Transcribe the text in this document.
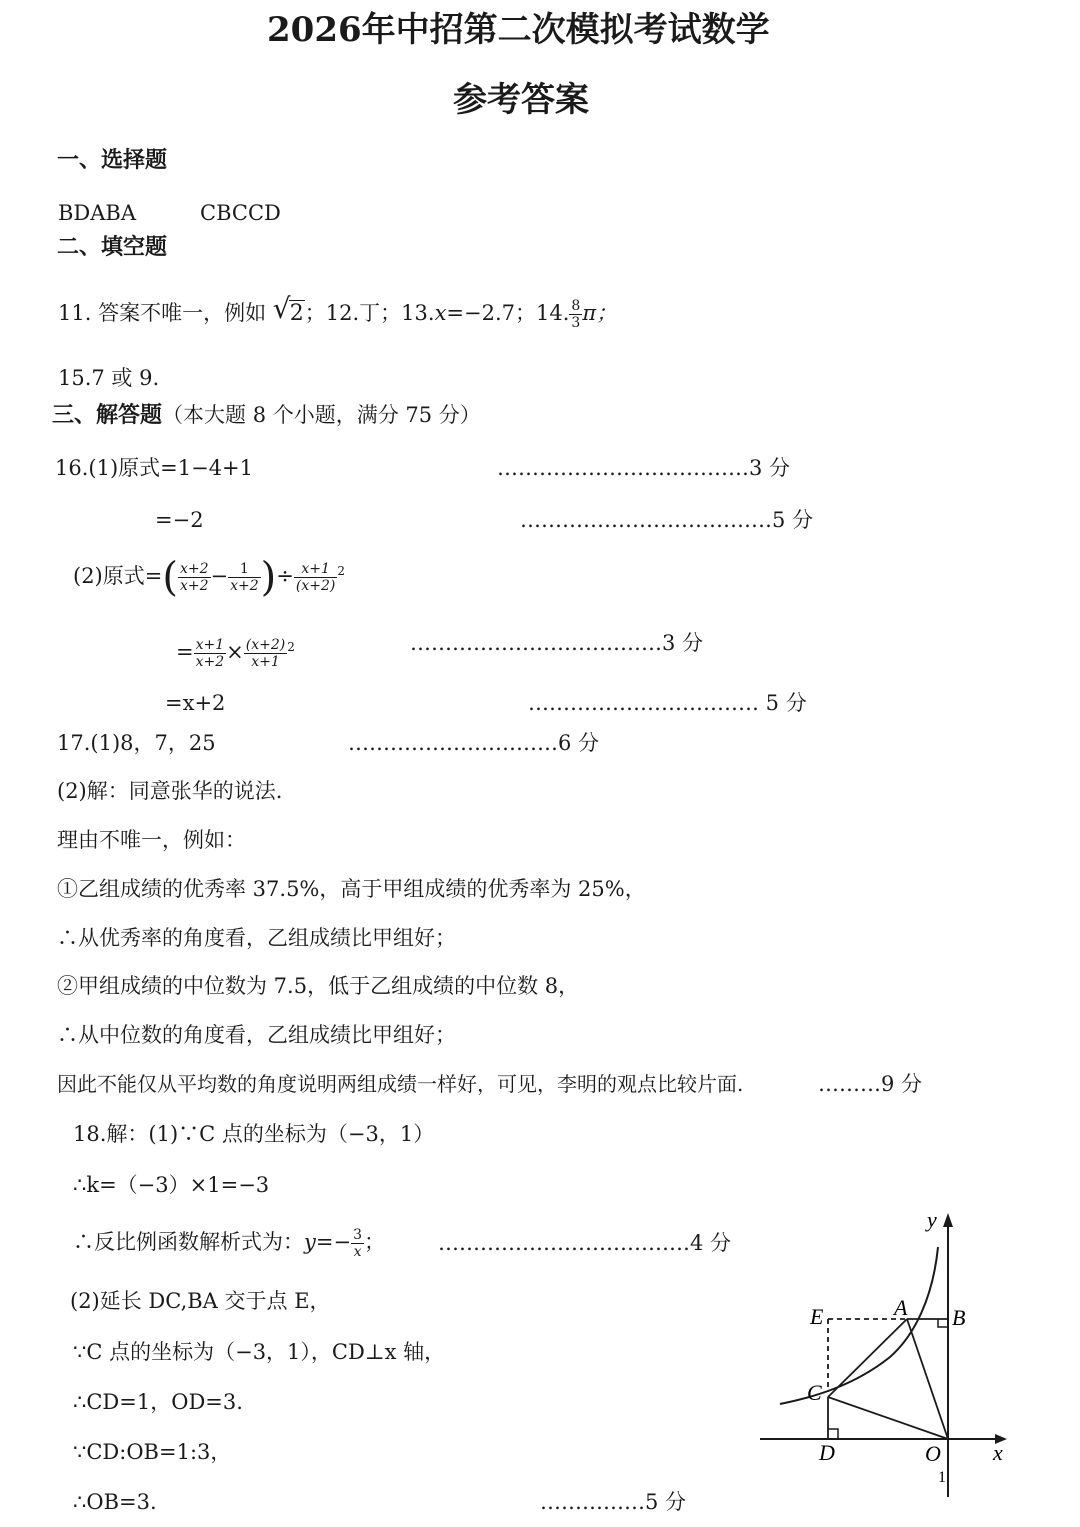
2026年中招第二次模拟考试数学
参考答案
一、选择题
BDABA	CBCCD
二、填空题
11. 答案不唯一，例如 √ 2；12.丁；13.x=−2.7；14. $\frac{8}{3}$ π；
15.7 或 9.
三、解答题（本大题 8 个小题，满分 75 分）
16.(1)原式=1−4+1	………………………………3 分
=−2	………………………………5 分
(2)原式=( $\frac{x+2}{x+2} - \frac{1}{x+2}$ )÷ $\frac{x+1}{(x+2)} ^2$
= $\frac{x+1}{x+2} \times \frac{(x+2)}{x+1} ^2$	………………………………3 分
=x+2	…………………………… 5 分
17.(1)8，7，25	…………………………6 分
(2)解：同意张华的说法.
理由不唯一，例如：
①乙组成绩的优秀率 37.5%，高于甲组成绩的优秀率为 25%，
∴从优秀率的角度看，乙组成绩比甲组好；
②甲组成绩的中位数为 7.5，低于乙组成绩的中位数 8，
∴从中位数的角度看，乙组成绩比甲组好；
因此不能仅从平均数的角度说明两组成绩一样好，可见，李明的观点比较片面.	………9 分
18.解：(1)∵C 点的坐标为（−3，1）
∴k=（−3）×1=−3
∴反比例函数解析式为：$y=- \frac{3}{x}$ ；	………………………………4 分
(2)延长 DC,BA 交于点 E，
∵C 点的坐标为（−3，1），CD⊥x 轴，
∴CD=1，OD=3.
∵CD:OB=1:3，
∴OB=3.	……………5 分
y
x
E	A B
C
D	O
1
